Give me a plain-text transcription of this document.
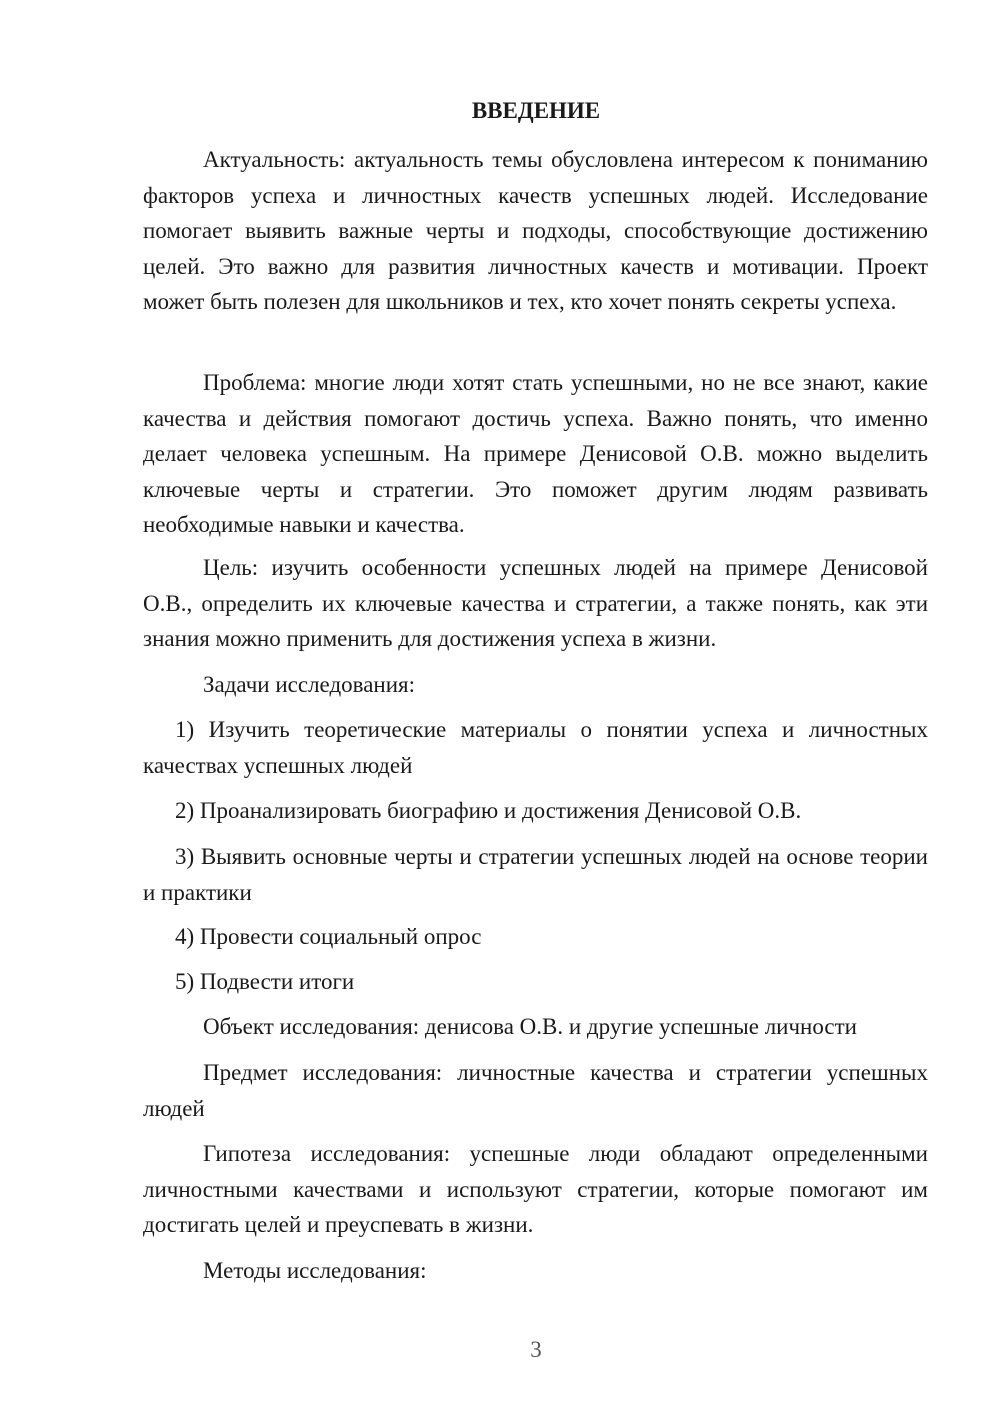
ВВЕДЕНИЕ

Актуальность: актуальность темы обусловлена интересом к пониманию факторов успеха и личностных качеств успешных людей. Исследование помогает выявить важные черты и подходы, способствующие достижению целей. Это важно для развития личностных качеств и мотивации. Проект может быть полезен для школьников и тех, кто хочет понять секреты успеха.

Проблема: многие люди хотят стать успешными, но не все знают, какие качества и действия помогают достичь успеха. Важно понять, что именно делает человека успешным. На примере Денисовой О.В. можно выделить ключевые черты и стратегии. Это поможет другим людям развивать необходимые навыки и качества.

Цель: изучить особенности успешных людей на примере Денисовой О.В., определить их ключевые качества и стратегии, а также понять, как эти знания можно применить для достижения успеха в жизни.

Задачи исследования:

1) Изучить теоретические материалы о понятии успеха и личностных качествах успешных людей

2) Проанализировать биографию и достижения Денисовой О.В.

3) Выявить основные черты и стратегии успешных людей на основе теории и практики

4) Провести социальный опрос

5) Подвести итоги

Объект исследования: денисова О.В. и другие успешные личности

Предмет исследования: личностные качества и стратегии успешных людей

Гипотеза исследования: успешные люди обладают определенными личностными качествами и используют стратегии, которые помогают им достигать целей и преуспевать в жизни.

Методы исследования:

3
